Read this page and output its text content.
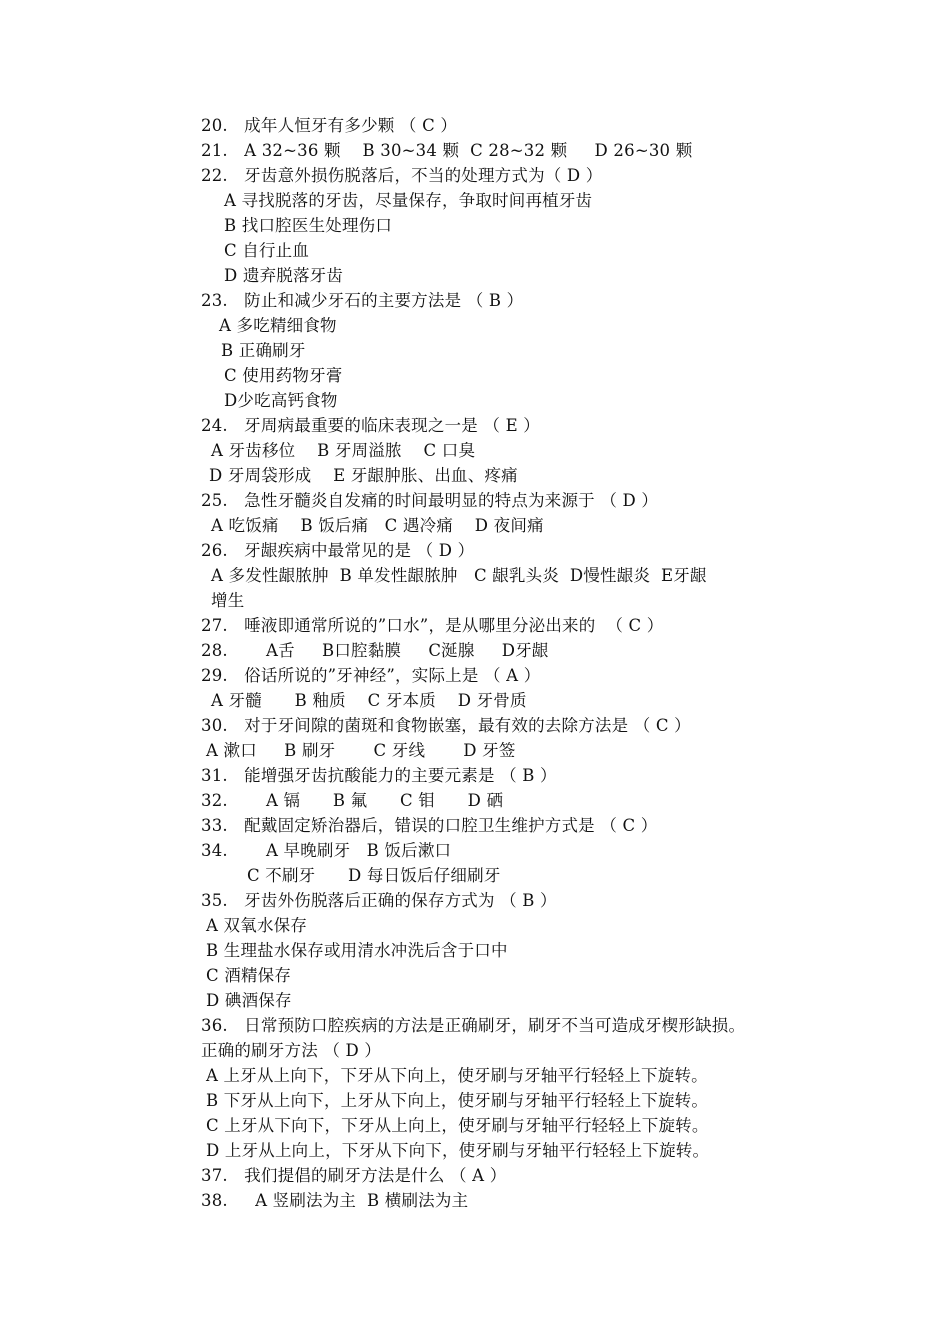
20.   成年人恒牙有多少颗 （ C ）
21.   A 32~36 颗    B 30~34 颗  C 28~32 颗     D 26~30 颗
22.   牙齿意外损伤脱落后，不当的处理方式为（ D ）
A 寻找脱落的牙齿，尽量保存，争取时间再植牙齿
B 找口腔医生处理伤口
C 自行止血
D 遗弃脱落牙齿
23.   防止和减少牙石的主要方法是 （ B ）
A 多吃精细食物
B 正确刷牙
C 使用药物牙膏
D少吃高钙食物
24.   牙周病最重要的临床表现之一是 （ E ）
A 牙齿移位    B 牙周溢脓    C 口臭
D 牙周袋形成    E 牙龈肿胀、出血、疼痛
25.   急性牙髓炎自发痛的时间最明显的特点为来源于 （ D ）
A 吃饭痛    B 饭后痛   C 遇冷痛    D 夜间痛
26.   牙龈疾病中最常见的是 （ D ）
A 多发性龈脓肿  B 单发性龈脓肿   C 龈乳头炎  D慢性龈炎  E牙龈
增生
27.   唾液即通常所说的”口水”，是从哪里分泌出来的  （ C ）
28.       A舌     B口腔黏膜     C涎腺     D牙龈
29.   俗话所说的”牙神经”，实际上是 （ A ）
A 牙髓      B 釉质    C 牙本质    D 牙骨质
30.   对于牙间隙的菌斑和食物嵌塞，最有效的去除方法是 （ C ）
A 漱口     B 刷牙       C 牙线       D 牙签
31.   能增强牙齿抗酸能力的主要元素是 （ B ）
32.       A 镉      B 氟      C 钼      D 硒
33.   配戴固定矫治器后，错误的口腔卫生维护方式是 （ C ）
34.       A 早晚刷牙   B 饭后漱口
C 不刷牙      D 每日饭后仔细刷牙
35.   牙齿外伤脱落后正确的保存方式为 （ B ）
A 双氧水保存
B 生理盐水保存或用清水冲洗后含于口中
C 酒精保存
D 碘酒保存
36.   日常预防口腔疾病的方法是正确刷牙，刷牙不当可造成牙楔形缺损。
正确的刷牙方法 （ D ）
A 上牙从上向下，下牙从下向上，使牙刷与牙轴平行轻轻上下旋转。
B 下牙从上向下，上牙从下向上，使牙刷与牙轴平行轻轻上下旋转。
C 上牙从下向下，下牙从上向上，使牙刷与牙轴平行轻轻上下旋转。
D 上牙从上向上，下牙从下向下，使牙刷与牙轴平行轻轻上下旋转。
37.   我们提倡的刷牙方法是什么 （ A ）
38.     A 竖刷法为主  B 横刷法为主
